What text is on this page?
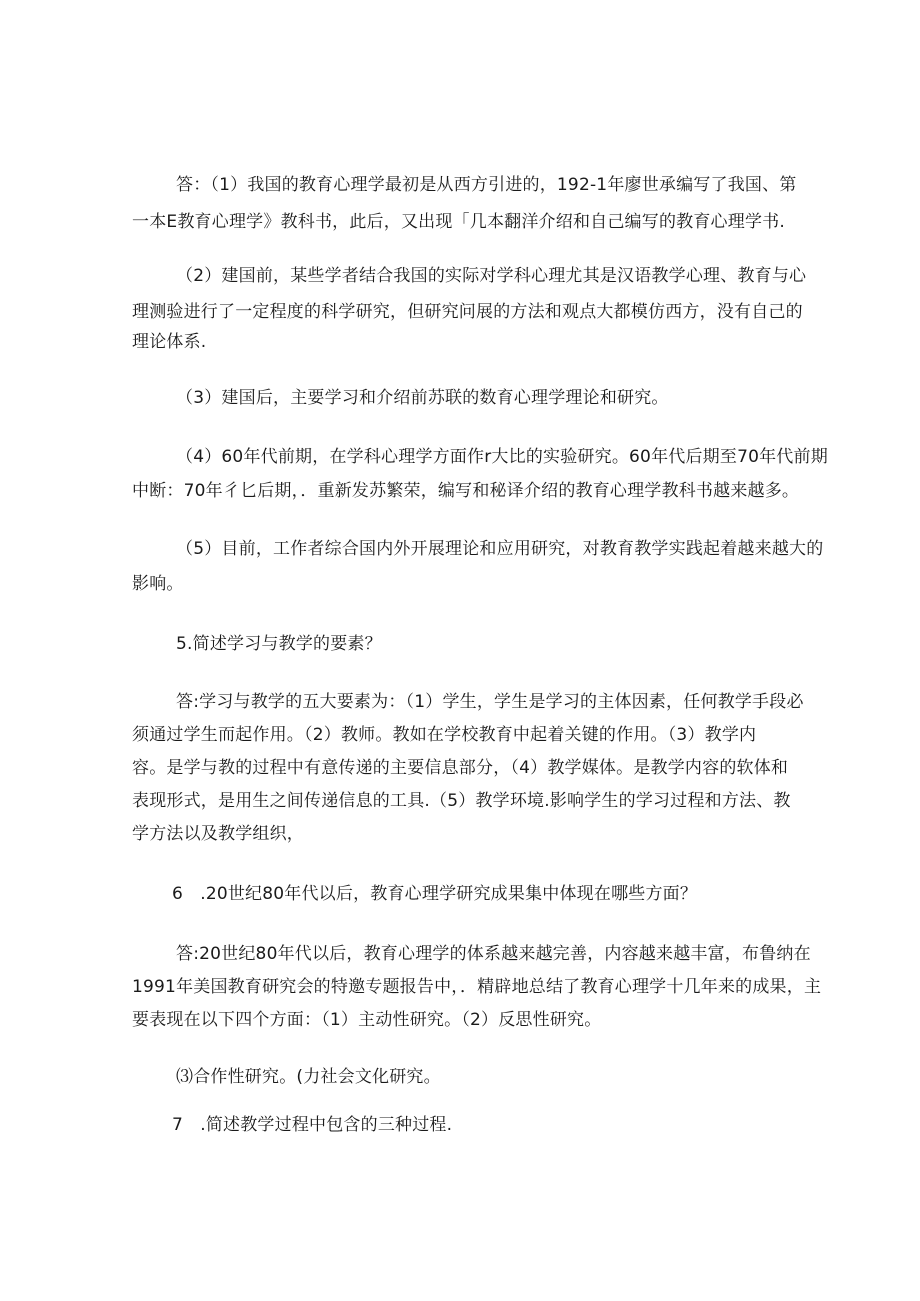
答：（1）我国的教育心理学最初是从西方引进的，192-1年廖世承编写了我国、第
一本E教育心理学》教科书，此后，又出现「几本翻洋介绍和自己编写的教育心理学书.
（2）建国前，某些学者结合我国的实际对学科心理尤其是汉语教学心理、教育与心
理测验进行了一定程度的科学研究，但研究问展的方法和观点大都模仿西方，没有自己的
理论体系.
（3）建国后，主要学习和介绍前苏联的数育心理学理论和研究。
（4）60年代前期，在学科心理学方面作r大比的实验研究。60年代后期至70年代前期
中断：70年彳匕后期，．重新发苏繁荣，编写和秘译介绍的教育心理学教科书越来越多。
（5）目前，工作者综合国内外开展理论和应用研究，对教育教学实践起着越来越大的
影响。
5.简述学习与教学的要素？
答:学习与教学的五大要素为：（1）学生，学生是学习的主体因素，任何教学手段必
须通过学生而起作用。（2）教师。教如在学校教育中起着关键的作用。（3）教学内
容。是学与教的过程中有意传递的主要信息部分，（4）教学媒体。是教学内容的软体和
表现形式，是用生之间传递信息的工具.（5）教学环境.影响学生的学习过程和方法、教
学方法以及教学组织，
6　.20世纪80年代以后，教育心理学研究成果集中体现在哪些方面？
答:20世纪80年代以后，教育心理学的体系越来越完善，内容越来越丰富，布鲁纳在
1991年美国教育研究会的特邀专题报告中，．精辟地总结了教育心理学十几年来的成果，主
要表现在以下四个方面：（1）主动性研究。（2）反思性研究。
⑶合作性研究。(力社会文化研究。
7　.简述教学过程中包含的三种过程.
